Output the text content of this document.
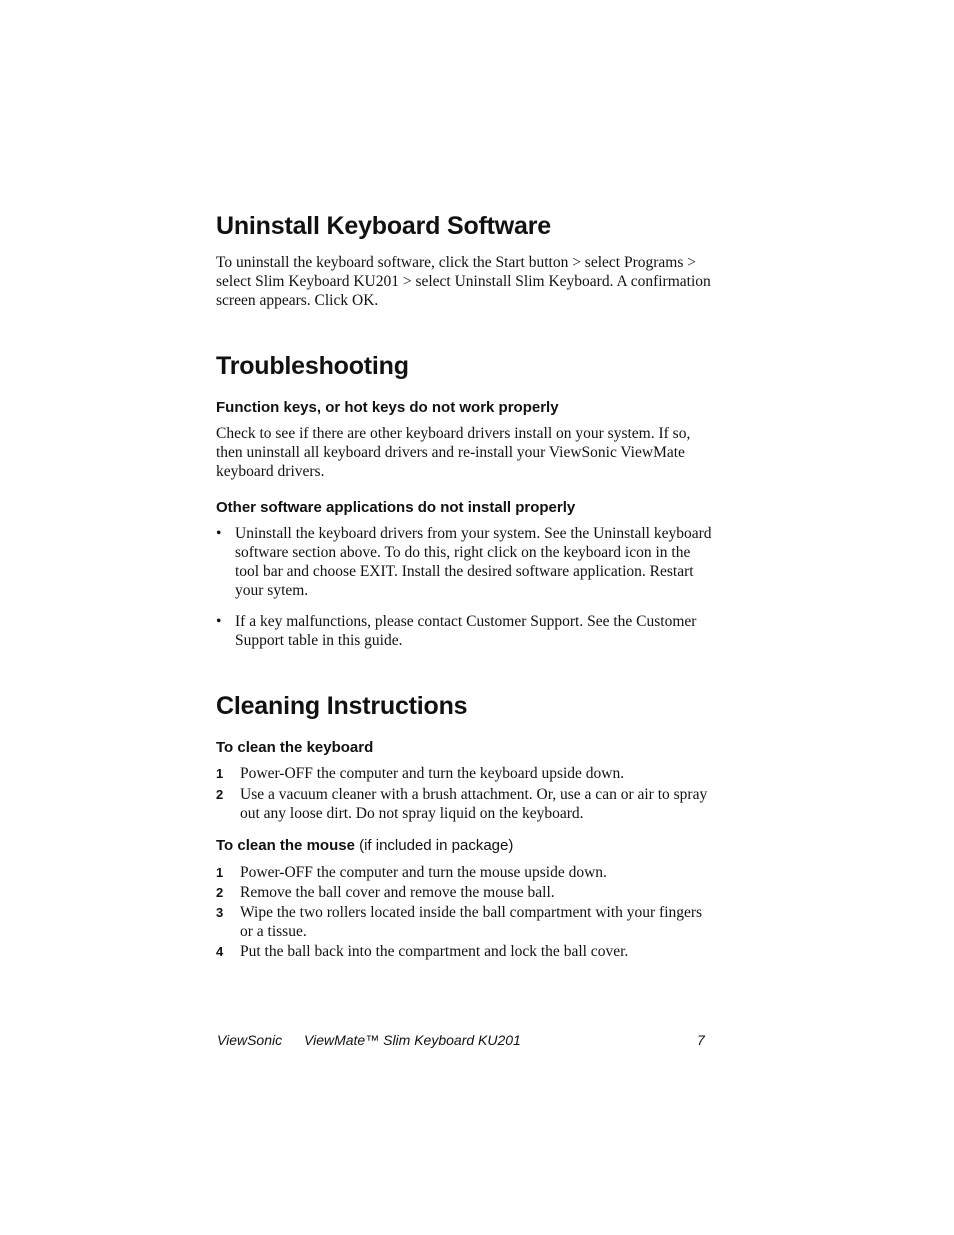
Uninstall Keyboard Software

To uninstall the keyboard software, click the Start button > select Programs > select Slim Keyboard KU201 > select Uninstall Slim Keyboard. A confirmation screen appears. Click OK.

Troubleshooting
Function keys, or hot keys do not work properly

Check to see if there are other keyboard drivers install on your system. If so, then uninstall all keyboard drivers and re-install your ViewSonic ViewMate keyboard drivers.

Other software applications do not install properly
• Uninstall the keyboard drivers from your system. See the Uninstall keyboard software section above. To do this, right click on the keyboard icon in the tool bar and choose EXIT. Install the desired software application. Restart your sytem.
• If a key malfunctions, please contact Customer Support. See the Customer Support table in this guide.
Cleaning Instructions
To clean the keyboard
1 Power-OFF the computer and turn the keyboard upside down.
2 Use a vacuum cleaner with a brush attachment. Or, use a can or air to spray out any loose dirt. Do not spray liquid on the keyboard.
To clean the mouse (if included in package)
1 Power-OFF the computer and turn the mouse upside down.
2 Remove the ball cover and remove the mouse ball.
3 Wipe the two rollers located inside the ball compartment with your fingers or a tissue.
4 Put the ball back into the compartment and lock the ball cover.
ViewSonic ViewMate™ Slim Keyboard KU201	7
